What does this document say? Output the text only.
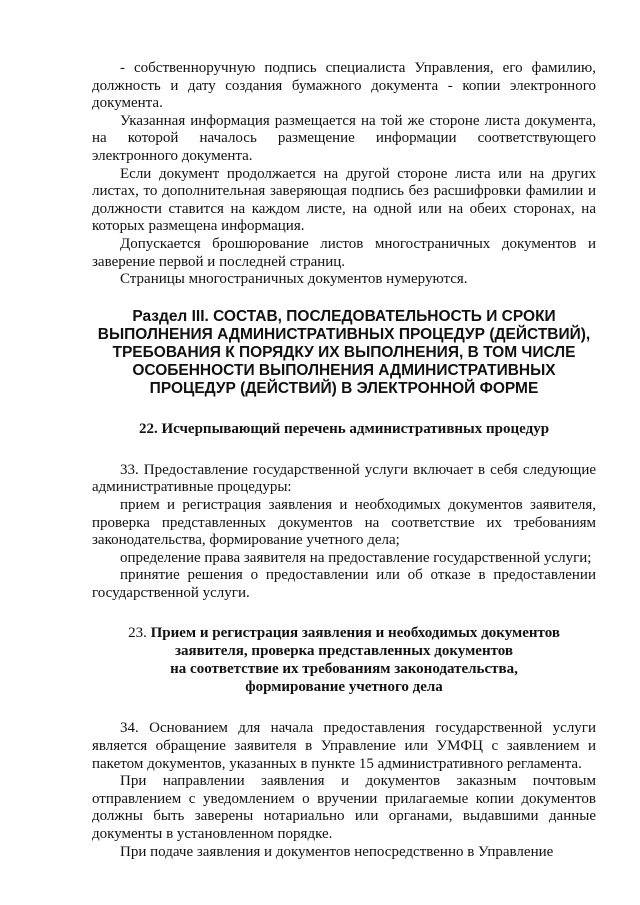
- собственноручную подпись специалиста Управления, его фамилию, должность и дату создания бумажного документа - копии электронного документа.

Указанная информация размещается на той же стороне листа документа, на которой началось размещение информации соответствующего электронного документа.

Если документ продолжается на другой стороне листа или на других листах, то дополнительная заверяющая подпись без расшифровки фамилии и должности ставится на каждом листе, на одной или на обеих сторонах, на которых размещена информация.

Допускается брошюрование листов многостраничных документов и заверение первой и последней страниц.

Страницы многостраничных документов нумеруются.

Раздел III. СОСТАВ, ПОСЛЕДОВАТЕЛЬНОСТЬ И СРОКИ
ВЫПОЛНЕНИЯ АДМИНИСТРАТИВНЫХ ПРОЦЕДУР (ДЕЙСТВИЙ),
ТРЕБОВАНИЯ К ПОРЯДКУ ИХ ВЫПОЛНЕНИЯ, В ТОМ ЧИСЛЕ
ОСОБЕННОСТИ ВЫПОЛНЕНИЯ АДМИНИСТРАТИВНЫХ
ПРОЦЕДУР (ДЕЙСТВИЙ) В ЭЛЕКТРОННОЙ ФОРМЕ
22. Исчерпывающий перечень административных процедур

33. Предоставление государственной услуги включает в себя следующие административные процедуры:

прием и регистрация заявления и необходимых документов заявителя, проверка представленных документов на соответствие их требованиям законодательства, формирование учетного дела;

определение права заявителя на предоставление государственной услуги;

принятие решения о предоставлении или об отказе в предоставлении государственной услуги.

23. Прием и регистрация заявления и необходимых документов
заявителя, проверка представленных документов
на соответствие их требованиям законодательства,
формирование учетного дела

34. Основанием для начала предоставления государственной услуги является обращение заявителя в Управление или УМФЦ с заявлением и пакетом документов, указанных в пункте 15 административного регламента.

При направлении заявления и документов заказным почтовым отправлением с уведомлением о вручении прилагаемые копии документов должны быть заверены нотариально или органами, выдавшими данные документы в установленном порядке.

При подаче заявления и документов непосредственно в Управление
